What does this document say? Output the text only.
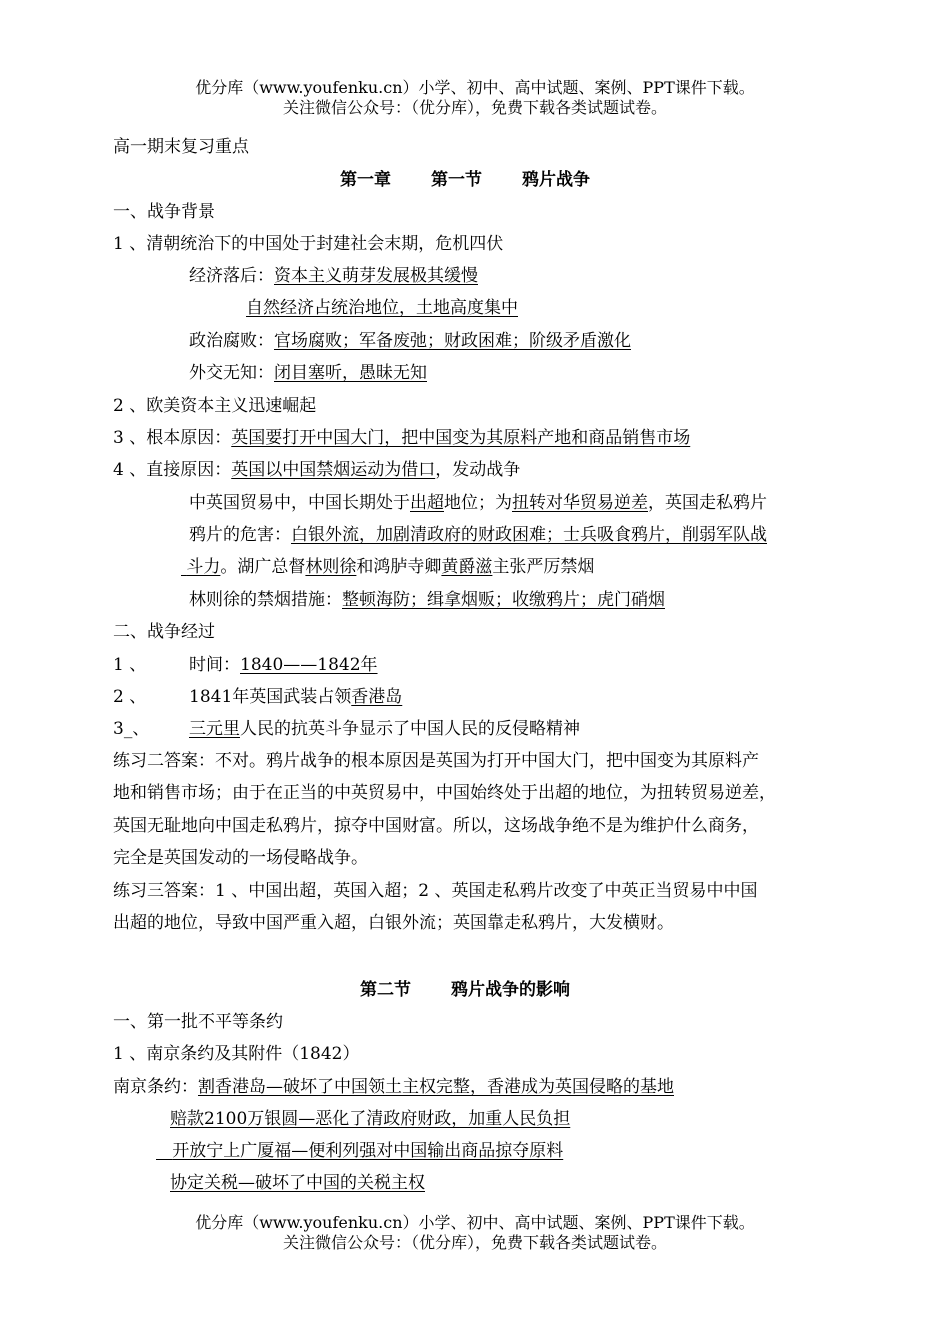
优分库（www.youfenku.cn）小学、初中、高中试题、案例、PPT课件下载。
关注微信公众号：（优分库），免费下载各类试题试卷。
高一期末复习重点
第一章 第一节 鸦片战争
一、战争背景
1 、清朝统治下的中国处于封建社会末期，危机四伏
经济落后：资本主义萌芽发展极其缓慢
自然经济占统治地位，土地高度集中
政治腐败：官场腐败；军备废弛；财政困难；阶级矛盾激化
外交无知：闭目塞听，愚昧无知
2 、欧美资本主义迅速崛起
3 、根本原因：英国要打开中国大门，把中国变为其原料产地和商品销售市场
4 、直接原因：英国以中国禁烟运动为借口，发动战争
中英国贸易中，中国长期处于出超地位；为扭转对华贸易逆差，英国走私鸦片
鸦片的危害：白银外流，加剧清政府的财政困难；士兵吸食鸦片，削弱军队战
斗力。湖广总督林则徐和鸿胪寺卿黄爵滋主张严厉禁烟
林则徐的禁烟措施：整顿海防；缉拿烟贩；收缴鸦片；虎门硝烟
二、战争经过
1 、	时间：1840——1842年
2 、	1841年英国武装占领香港岛
3_、 三元里人民的抗英斗争显示了中国人民的反侵略精神
练习二答案：不对。鸦片战争的根本原因是英国为打开中国大门，把中国变为其原料产
地和销售市场；由于在正当的中英贸易中，中国始终处于出超的地位，为扭转贸易逆差，
英国无耻地向中国走私鸦片，掠夺中国财富。所以，这场战争绝不是为维护什么商务，
完全是英国发动的一场侵略战争。
练习三答案：1 、中国出超，英国入超；2 、英国走私鸦片改变了中英正当贸易中中国
出超的地位，导致中国严重入超，白银外流；英国靠走私鸦片，大发横财。
第二节 鸦片战争的影响
一、第一批不平等条约
1 、南京条约及其附件（1842）
南京条约：割香港岛—破坏了中国领土主权完整，香港成为英国侵略的基地
赔款2100万银圆—恶化了清政府财政，加重人民负担
开放宁上广厦福—便利列强对中国输出商品掠夺原料
协定关税—破坏了中国的关税主权
优分库（www.youfenku.cn）小学、初中、高中试题、案例、PPT课件下载。
关注微信公众号：（优分库），免费下载各类试题试卷。
